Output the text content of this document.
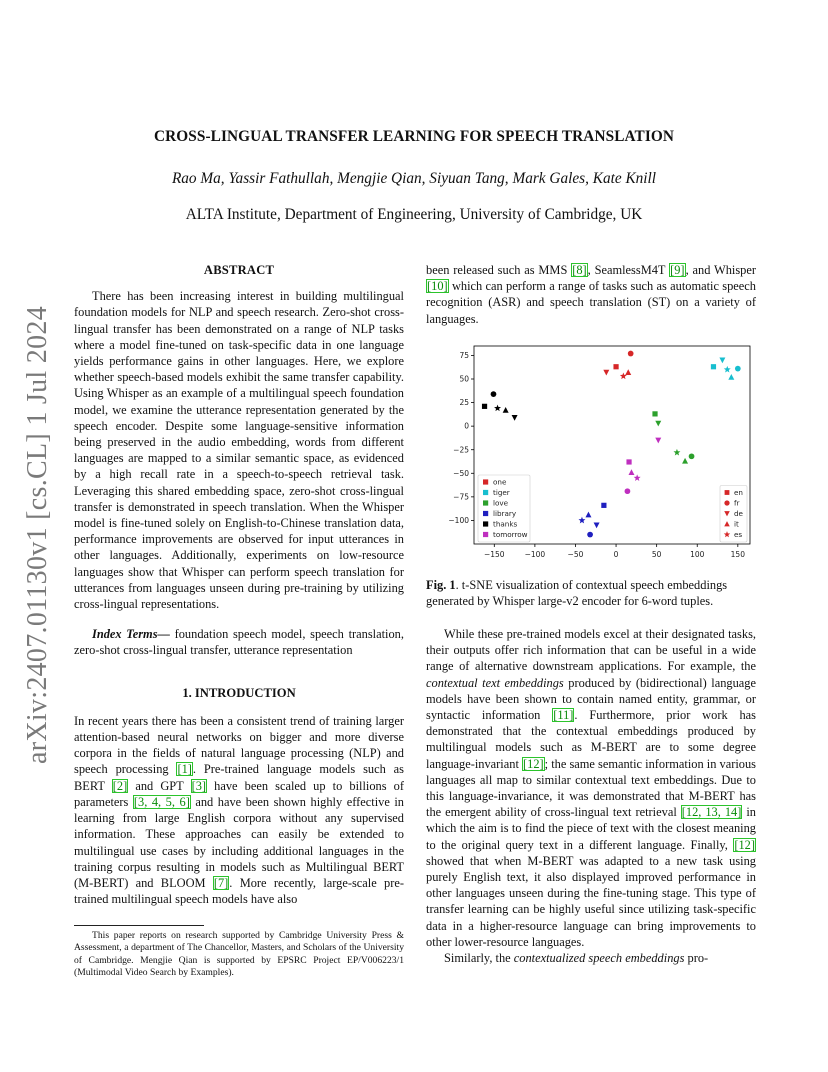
arXiv:2407.01130v1 [cs.CL] 1 Jul 2024
CROSS-LINGUAL TRANSFER LEARNING FOR SPEECH TRANSLATION
Rao Ma, Yassir Fathullah, Mengjie Qian, Siyuan Tang, Mark Gales, Kate Knill
ALTA Institute, Department of Engineering, University of Cambridge, UK
ABSTRACT

There has been increasing interest in building multilingual foundation models for NLP and speech research. Zero-shot cross-lingual transfer has been demonstrated on a range of NLP tasks where a model fine-tuned on task-specific data in one language yields performance gains in other languages. Here, we explore whether speech-based models exhibit the same transfer capability. Using Whisper as an example of a multilingual speech foundation model, we examine the utterance representation generated by the speech encoder. Despite some language-sensitive information being preserved in the audio embedding, words from different languages are mapped to a similar semantic space, as evidenced by a high recall rate in a speech-to-speech retrieval task. Leveraging this shared embedding space, zero-shot cross-lingual transfer is demonstrated in speech translation. When the Whisper model is fine-tuned solely on English-to-Chinese translation data, performance improvements are observed for input utterances in other languages. Additionally, experiments on low-resource languages show that Whisper can perform speech translation for utterances from languages unseen during pre-training by utilizing cross-lingual representations.

Index Terms— foundation speech model, speech translation, zero-shot cross-lingual transfer, utterance representation

1. INTRODUCTION

In recent years there has been a consistent trend of training larger attention-based neural networks on bigger and more diverse corpora in the fields of natural language processing (NLP) and speech processing [1]. Pre-trained language models such as BERT [2] and GPT [3] have been scaled up to billions of parameters [3, 4, 5, 6] and have been shown highly effective in learning from large English corpora without any supervised information. These approaches can easily be extended to multilingual use cases by including additional languages in the training corpus resulting in models such as Multilingual BERT (M-BERT) and BLOOM [7]. More recently, large-scale pre-trained multilingual speech models have also

This paper reports on research supported by Cambridge University Press & Assessment, a department of The Chancellor, Masters, and Scholars of the University of Cambridge. Mengjie Qian is supported by EPSRC Project EP/V006223/1 (Multimodal Video Search by Examples).

been released such as MMS [8], SeamlessM4T [9], and Whisper [10] which can perform a range of tasks such as automatic speech recognition (ASR) and speech translation (ST) on a variety of languages.

−150	−100	−50	0	50	100	150
75
50
25
0
−25
−50
−75
−100
one
tiger
love
library
thanks
tomorrow
en
fr
de
it
es
Fig. 1. t-SNE visualization of contextual speech embeddings generated by Whisper large-v2 encoder for 6-word tuples.

While these pre-trained models excel at their designated tasks, their outputs offer rich information that can be useful in a wide range of alternative downstream applications. For example, the contextual text embeddings produced by (bidirectional) language models have been shown to contain named entity, grammar, or syntactic information [11]. Furthermore, prior work has demonstrated that the contextual embeddings produced by multilingual models such as M-BERT are to some degree language-invariant [12]; the same semantic information in various languages all map to similar contextual text embeddings. Due to this language-invariance, it was demonstrated that M-BERT has the emergent ability of cross-lingual text retrieval [12, 13, 14] in which the aim is to find the piece of text with the closest meaning to the original query text in a different language. Finally, [12] showed that when M-BERT was adapted to a new task using purely English text, it also displayed improved performance in other languages unseen during the fine-tuning stage. This type of transfer learning can be highly useful since utilizing task-specific data in a higher-resource language can bring improvements to other lower-resource languages.

Similarly, the contextualized speech embeddings pro-
